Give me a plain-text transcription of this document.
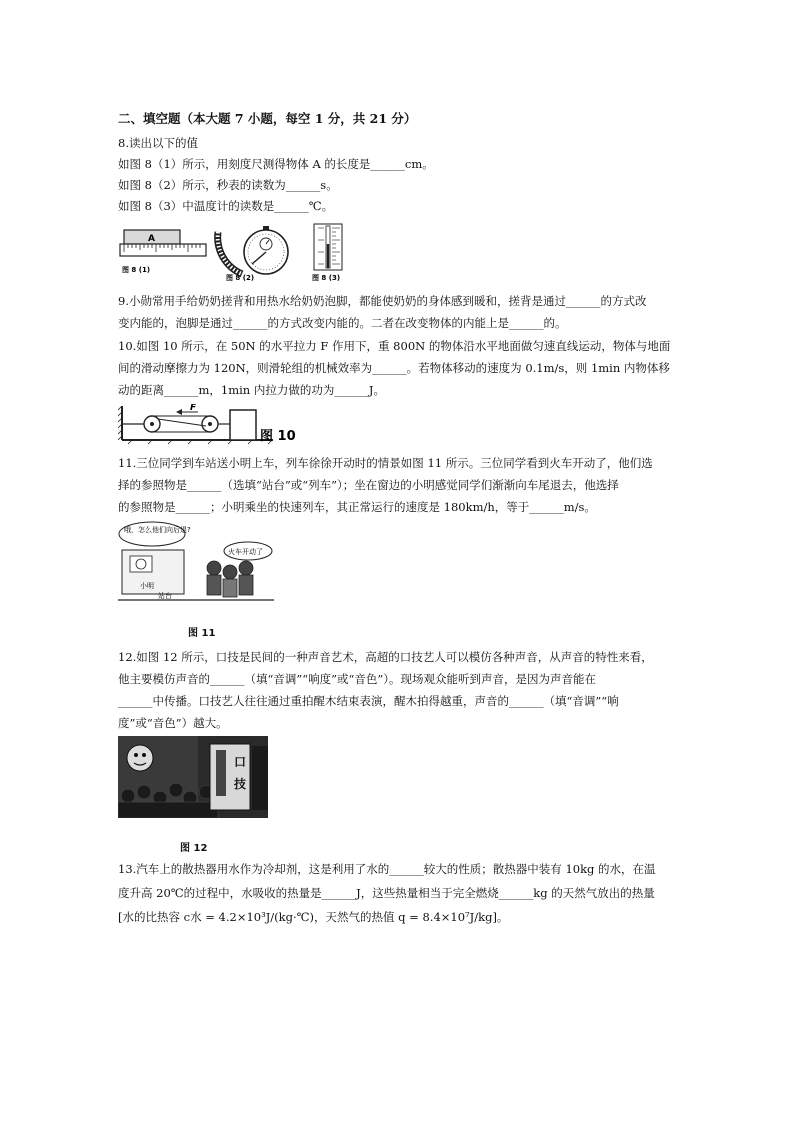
二、填空题（本大题 7 小题，每空 1 分，共 21 分）
8.读出以下的值
如图 8（1）所示，用刻度尺测得物体 A 的长度是______cm。
如图 8（2）所示，秒表的读数为______s。
如图 8（3）中温度计的读数是______℃。
A
图 8 (1)
图 8 (2)	图 8 (3)
9.小勋常用手给奶奶搓背和用热水给奶奶泡脚，都能使奶奶的身体感到暖和，搓背是通过______的方式改
变内能的，泡脚是通过______的方式改变内能的。二者在改变物体的内能上是______的。
10.如图 10 所示，在 50N 的水平拉力 F 作用下，重 800N 的物体沿水平地面做匀速直线运动，物体与地面
间的滑动摩擦力为 120N，则滑轮组的机械效率为______。若物体移动的速度为 0.1m/s，则 1min 内物体移
动的距离______m，1min 内拉力做的功为______J。
F
图 10
11.三位同学到车站送小明上车，列车徐徐开动时的情景如图 11 所示。三位同学看到火车开动了，他们选
择的参照物是______（选填“站台”或“列车”）；坐在窗边的小明感觉同学们渐渐向车尾退去，他选择
的参照物是______；小明乘坐的快速列车，其正常运行的速度是 180km/h，等于______m/s。
哦，怎么他们向后退?
火车开动了
小明
站台
图 11
12.如图 12 所示，口技是民间的一种声音艺术，高超的口技艺人可以模仿各种声音，从声音的特性来看，
他主要模仿声音的______（填“音调”“响度”或“音色”）。现场观众能听到声音，是因为声音能在
______中传播。口技艺人往往通过重拍醒木结束表演，醒木拍得越重，声音的______（填“音调”“响
度”或“音色”）越大。
口
技
图 12
13.汽车上的散热器用水作为冷却剂，这是利用了水的______较大的性质；散热器中装有 10kg 的水，在温
度升高 20℃的过程中，水吸收的热量是______J，这些热量相当于完全燃烧______kg 的天然气放出的热量
[水的比热容 c水 = 4.2×10³J/(kg·℃)，天然气的热值 q = 8.4×10⁷J/kg]。
